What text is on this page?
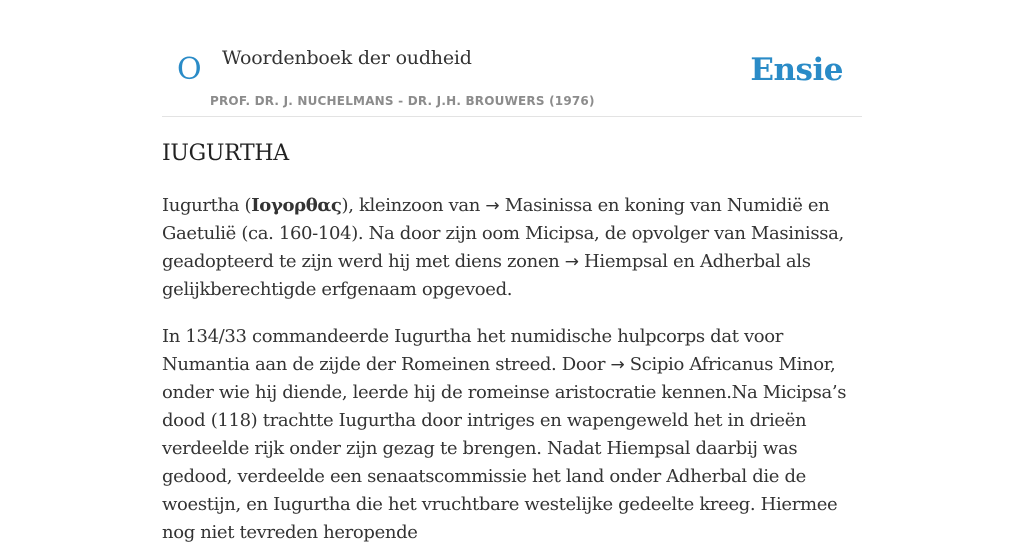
O Woordenboek der oudheid
PROF. DR. J. NUCHELMANS - DR. J.H. BROUWERS (1976)
Ensie
IUGURTHA

Iugurtha (Ιογορθας), kleinzoon van → Masinissa en koning van Numidië en Gaetulië (ca. 160-104). Na door zijn oom Micipsa, de opvolger van Masinissa, geadopteerd te zijn werd hij met diens zonen → Hiempsal en Adherbal als gelijkberechtigde erfgenaam opgevoed.

In 134/33 commandeerde Iugurtha het numidische hulpcorps dat voor Numantia aan de zijde der Romeinen streed. Door → Scipio Africanus Minor, onder wie hij diende, leerde hij de romeinse aristocratie kennen.Na Micipsa’s dood (118) trachtte Iugurtha door intriges en wapengeweld het in drieën verdeelde rijk onder zijn gezag te brengen. Nadat Hiempsal daarbij was gedood, verdeelde een senaatscommissie het land onder Adherbal die de woestijn, en Iugurtha die het vruchtbare westelijke gedeelte kreeg. Hiermee nog niet tevreden heropende
